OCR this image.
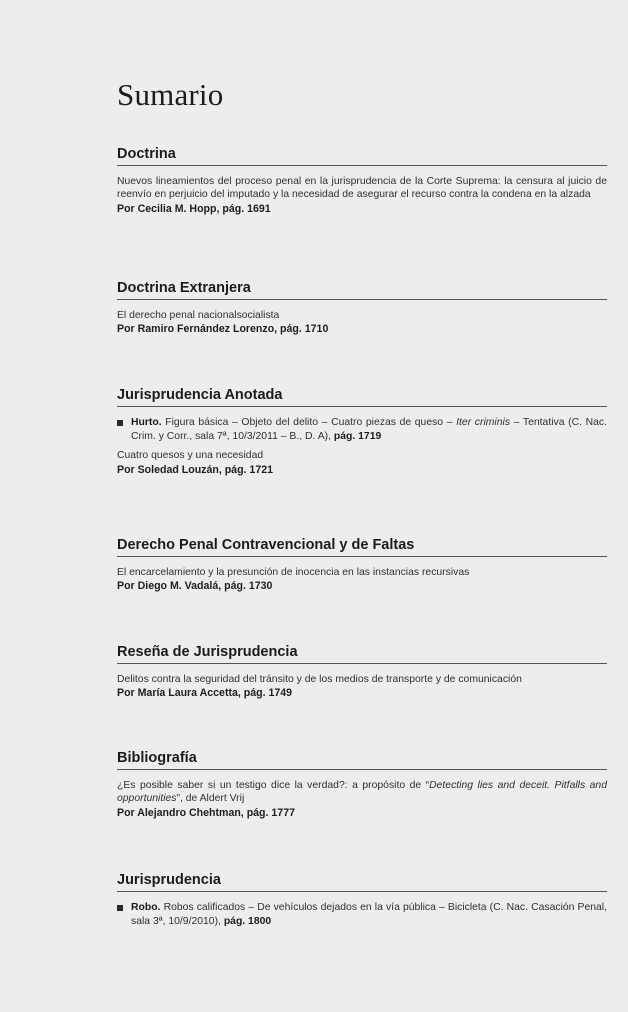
Sumario
Doctrina
Nuevos lineamientos del proceso penal en la jurisprudencia de la Corte Suprema: la censura al juicio de reenvío en perjuicio del imputado y la necesidad de asegurar el recurso contra la condena en la alzada
Por Cecilia M. Hopp, pág. 1691
Doctrina Extranjera
El derecho penal nacionalsocialista
Por Ramiro Fernández Lorenzo, pág. 1710
Jurisprudencia Anotada
Hurto. Figura básica – Objeto del delito – Cuatro piezas de queso – Iter criminis – Tentativa (C. Nac. Crim. y Corr., sala 7ª, 10/3/2011 – B., D. A), pág. 1719
Cuatro quesos y una necesidad
Por Soledad Louzán, pág. 1721
Derecho Penal Contravencional y de Faltas
El encarcelamiento y la presunción de inocencia en las instancias recursivas
Por Diego M. Vadalá, pág. 1730
Reseña de Jurisprudencia
Delitos contra la seguridad del tránsito y de los medios de transporte y de comunicación
Por María Laura Accetta, pág. 1749
Bibliografía
¿Es posible saber si un testigo dice la verdad?: a propósito de “Detecting lies and deceit. Pitfalls and opportunities”, de Aldert Vrij
Por Alejandro Chehtman, pág. 1777
Jurisprudencia
Robo. Robos calificados – De vehículos dejados en la vía pública – Bicicleta (C. Nac. Casación Penal, sala 3ª, 10/9/2010), pág. 1800
